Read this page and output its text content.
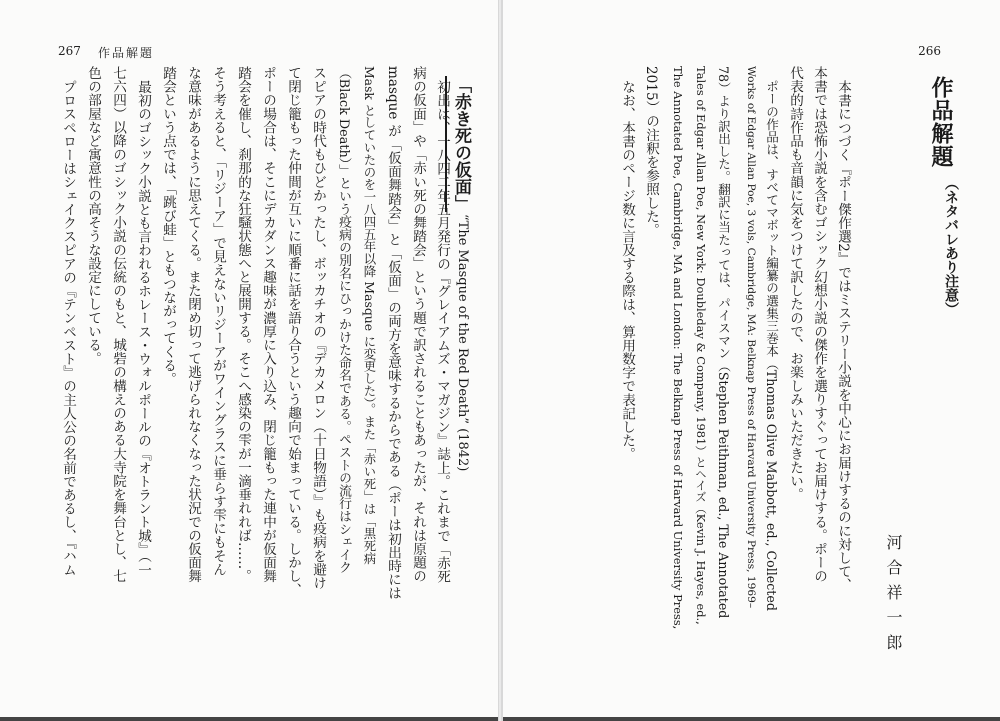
267 作品解題
「赤き死の仮面」
“The Masque of the Red Death” (1842)
初出は、一八四二年五月発行の『グレイアムズ・マガジン』誌上。これまで「赤死
病の仮面」や「赤い死の舞踏会」という題で訳されることもあったが、それは原題の
masque が「仮面舞踏会」と「仮面」の両方を意味するからである（ポーは初出時には
Mask としていたのを一八四五年以降 Masque に変更した）。また「赤い死」は「黒死病
（Black Death）」という疫病の別名にひっかけた命名である。ペストの流行はシェイク
スピアの時代もひどかったし、ボッカチオの『デカメロン（十日物語）』も疫病を避け
て閉じ籠もった仲間が互いに順番に話を語り合うという趣向で始まっている。しかし、
ポーの場合は、そこにデカダンス趣味が濃厚に入り込み、閉じ籠もった連中が仮面舞
踏会を催し、刹那的な狂騒状態へと展開する。そこへ感染の雫が一滴垂れれば……。
そう考えると、「リジーア」で見えないリジーアがワイングラスに垂らす雫にもそん
な意味があるように思えてくる。また閉め切って逃げられなくなった状況での仮面舞
踏会という点では、「跳び蛙」ともつながってくる。
最初のゴシック小説とも言われるホレース・ウォルポールの『オトラント城』（一
七六四）以降のゴシック小説の伝統のもと、城砦の構えのある大寺院を舞台とし、七
色の部屋など寓意性の高そうな設定にしている。
プロスペローはシェイクスピアの『テンペスト』の主人公の名前であるし、『ハム
266
作品解題
（ネタバレあり注意）
河合祥一郎
本書につづく『ポー傑作選2』ではミステリー小説を中心にお届けするのに対して、
本書では恐怖小説を含むゴシック幻想小説の傑作を選りすぐってお届けする。ポーの
代表的詩作品も音韻に気をつけて訳したので、お楽しみいただきたい。
ポーの作品は、すべてマボット編纂の選集三巻本（Thomas Olive Mabbott, ed., Collected
Works of Edgar Allan Poe, 3 vols, Cambridge, MA: Belknap Press of Harvard University Press, 1969–
78）より訳出した。翻訳に当たっては、パイスマン（Stephen Peithman, ed., The Annotated
Tales of Edgar Allan Poe, New York: Doubleday & Company, 1981）とヘイズ（Kevin J. Hayes, ed.,
The Annotated Poe, Cambridge, MA and London: The Belknap Press of Harvard University Press,
2015）の注釈を参照した。
なお、本書のページ数に言及する際は、算用数字で表記した。
